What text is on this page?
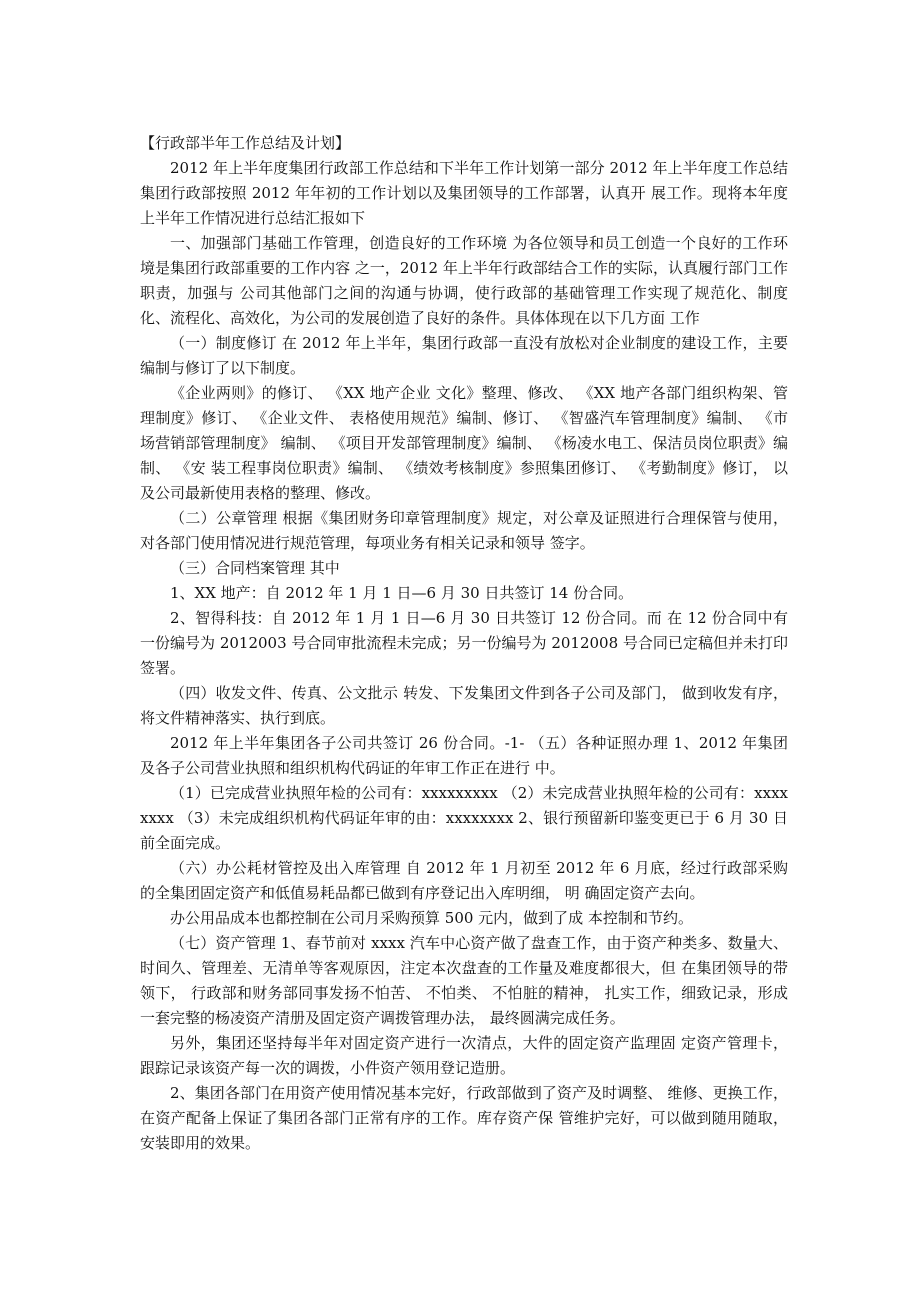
【行政部半年工作总结及计划】

2012 年上半年度集团行政部工作总结和下半年工作计划第一部分 2012 年上半年度工作总结集团行政部按照 2012 年年初的工作计划以及集团领导的工作部署，认真开 展工作。现将本年度上半年工作情况进行总结汇报如下

一、加强部门基础工作管理，创造良好的工作环境 为各位领导和员工创造一个良好的工作环境是集团行政部重要的工作内容 之一，2012 年上半年行政部结合工作的实际，认真履行部门工作职责，加强与 公司其他部门之间的沟通与协调，使行政部的基础管理工作实现了规范化、制度 化、流程化、高效化，为公司的发展创造了良好的条件。具体体现在以下几方面 工作

（一）制度修订 在 2012 年上半年，集团行政部一直没有放松对企业制度的建设工作，主要编制与修订了以下制度。

《企业两则》的修订、 《XX 地产企业 文化》整理、修改、 《XX 地产各部门组织构架、管理制度》修订、 《企业文件、 表格使用规范》编制、修订、 《智盛汽车管理制度》编制、 《市场营销部管理制度》 编制、 《项目开发部管理制度》编制、 《杨凌水电工、保洁员岗位职责》编制、 《安 装工程事岗位职责》编制、 《绩效考核制度》参照集团修订、 《考勤制度》修订， 以及公司最新使用表格的整理、修改。

（二）公章管理 根据《集团财务印章管理制度》规定，对公章及证照进行合理保管与使用， 对各部门使用情况进行规范管理，每项业务有相关记录和领导 签字。

（三）合同档案管理 其中

1、XX 地产：自 2012 年 1 月 1 日—6 月 30 日共签订 14 份合同。

2、智得科技：自 2012 年 1 月 1 日—6 月 30 日共签订 12 份合同。而 在 12 份合同中有一份编号为 2012003 号合同审批流程未完成；另一份编号为 2012008 号合同已定稿但并未打印签署。

（四）收发文件、传真、公文批示 转发、下发集团文件到各子公司及部门， 做到收发有序，将文件精神落实、执行到底。

2012 年上半年集团各子公司共签订 26 份合同。-1- （五）各种证照办理 1、2012 年集团及各子公司营业执照和组织机构代码证的年审工作正在进行 中。

（1）已完成营业执照年检的公司有：xxxxxxxxx （2）未完成营业执照年检的公司有：xxxxxxxx （3）未完成组织机构代码证年审的由：xxxxxxxx 2、银行预留新印鉴变更已于 6 月 30 日前全面完成。

（六）办公耗材管控及出入库管理 自 2012 年 1 月初至 2012 年 6 月底，经过行政部采购的全集团固定资产和低值易耗品都已做到有序登记出入库明细， 明 确固定资产去向。

办公用品成本也都控制在公司月采购预算 500 元内，做到了成 本控制和节约。

（七）资产管理 1、春节前对 xxxx 汽车中心资产做了盘查工作，由于资产种类多、数量大、 时间久、管理差、无清单等客观原因，注定本次盘查的工作量及难度都很大，但 在集团领导的带领下， 行政部和财务部同事发扬不怕苦、 不怕类、 不怕脏的精神， 扎实工作，细致记录，形成一套完整的杨凌资产清册及固定资产调拨管理办法， 最终圆满完成任务。

另外，集团还坚持每半年对固定资产进行一次清点，大件的固定资产监理固 定资产管理卡，跟踪记录该资产每一次的调拨，小件资产领用登记造册。

2、集团各部门在用资产使用情况基本完好，行政部做到了资产及时调整、 维修、更换工作，在资产配备上保证了集团各部门正常有序的工作。库存资产保 管维护完好，可以做到随用随取，安装即用的效果。
